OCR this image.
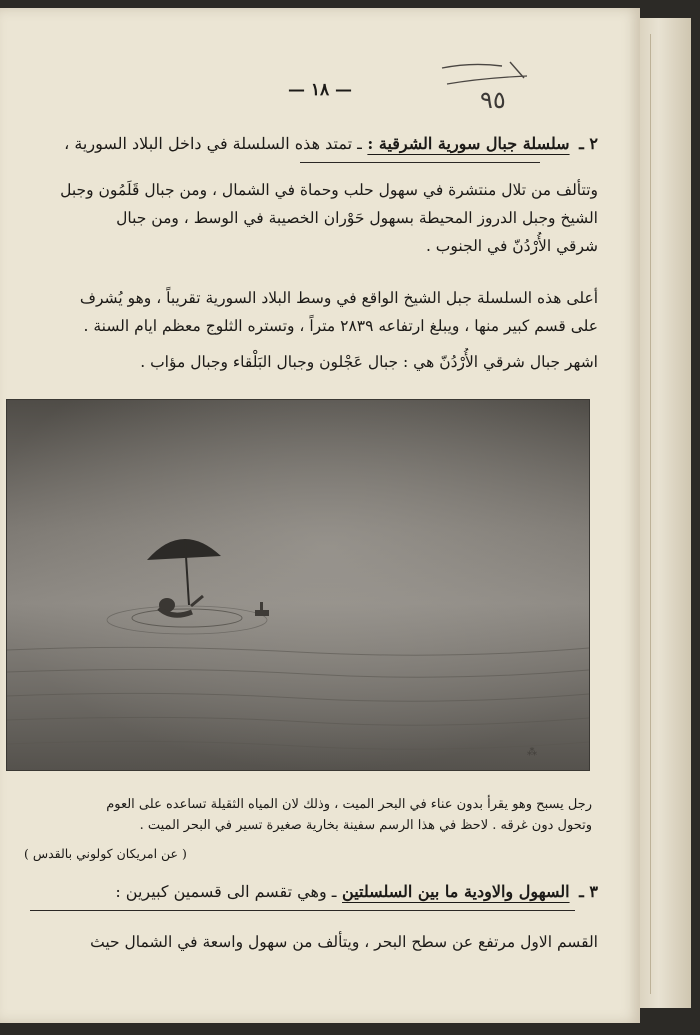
٩٥
— ١٨ —
٢ ـ سلسلة جبال سورية الشرقية : ـ تمتد هذه السلسلة في داخل البلاد السورية ،
وتتألف من تلال منتشرة في سهول حلب وحماة في الشمال ، ومن جبال قَلَمُون وجبل
الشيخ وجبل الدروز المحيطة بسهول حَوْران الخصيبة في الوسط ، ومن جبال
شرقي الأُرْدُنّ في الجنوب .
أعلى هذه السلسلة جبل الشيخ الواقع في وسط البلاد السورية تقريباً ، وهو يُشرف
على قسم كبير منها ، ويبلغ ارتفاعه ٢٨٣٩ متراً ، وتستره الثلوج معظم ايام السنة .
اشهر جبال شرقي الأُرْدُنّ هي : جبال عَجْلون وجبال البَلْقاء وجبال مؤاب .
⁂
رجل يسبح وهو يقرأ بدون عناء في البحر الميت ، وذلك لان المياه الثقيلة تساعده على العوم
وتحول دون غرقه . لاحظ في هذا الرسم سفينة بخارية صغيرة تسير في البحر الميت .
( عن امريكان كولوني بالقدس )
٣ ـ السهول والاودية ما بين السلسلتين ـ وهي تقسم الى قسمين كبيرين :
القسم الاول مرتفع عن سطح البحر ، ويتألف من سهول واسعة في الشمال حيث
